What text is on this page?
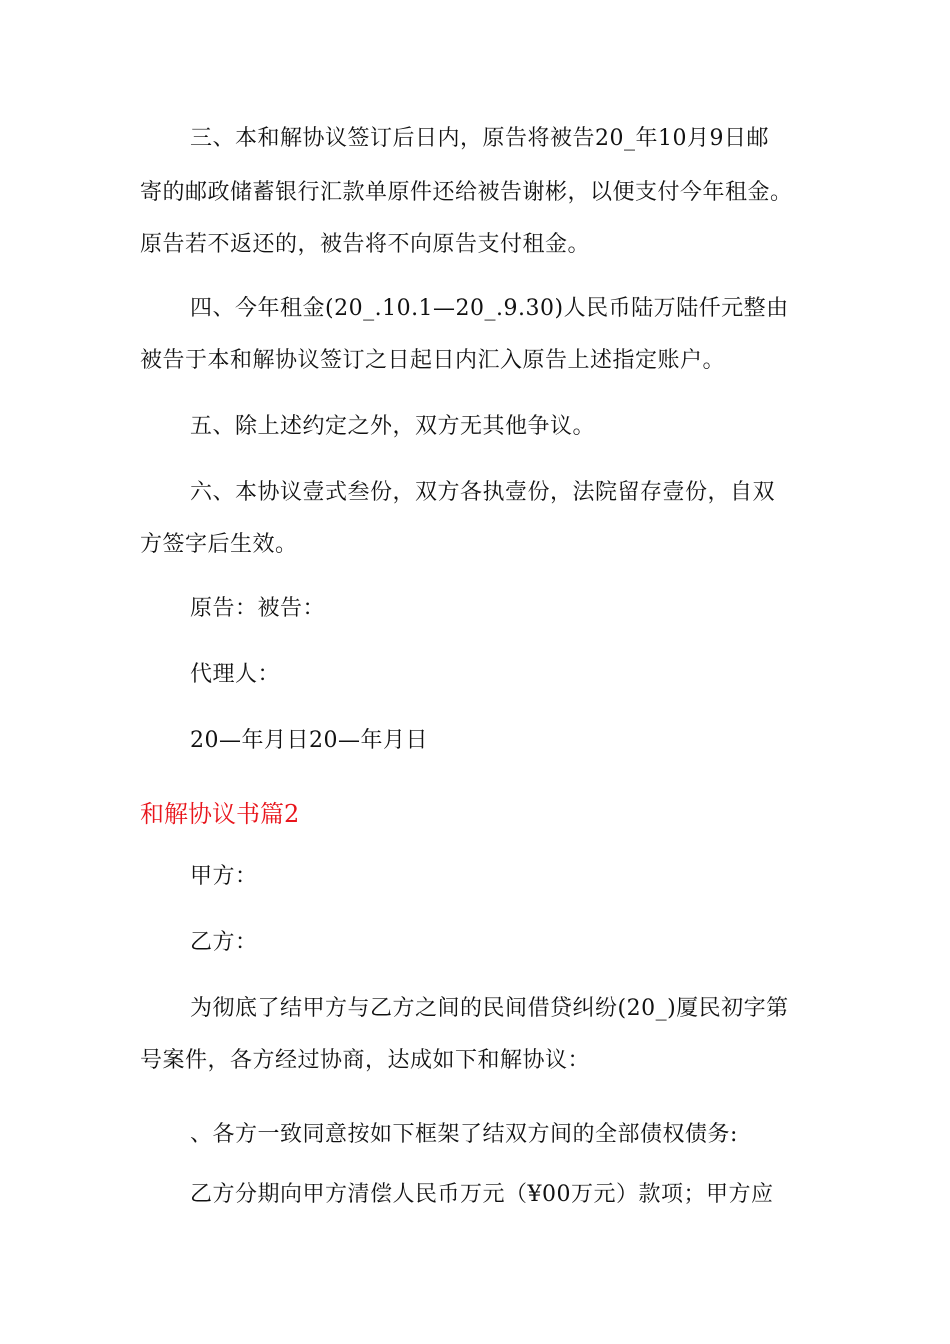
三、本和解协议签订后日内，原告将被告20_年10月9日邮
寄的邮政储蓄银行汇款单原件还给被告谢彬，以便支付今年租金。
原告若不返还的，被告将不向原告支付租金。
四、今年租金(20_.10.1—20_.9.30)人民币陆万陆仟元整由
被告于本和解协议签订之日起日内汇入原告上述指定账户。
五、除上述约定之外，双方无其他争议。
六、本协议壹式叁份，双方各执壹份，法院留存壹份，自双
方签字后生效。
原告：被告：
代理人：
20—年月日20—年月日
和解协议书篇2
甲方：
乙方：
为彻底了结甲方与乙方之间的民间借贷纠纷(20_)厦民初字第
号案件，各方经过协商，达成如下和解协议：
、各方一致同意按如下框架了结双方间的全部债权债务:
乙方分期向甲方清偿人民币万元（¥00万元）款项；甲方应
